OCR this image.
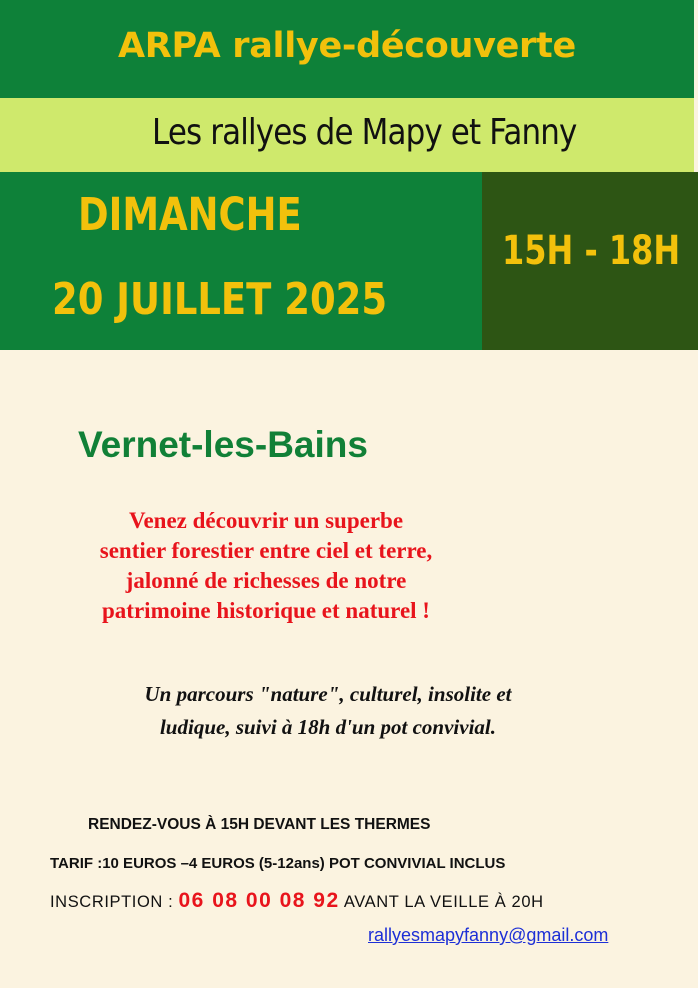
ARPA rallye-découverte
Les rallyes de Mapy et Fanny
DIMANCHE
20 JUILLET 2025
15H - 18H
Vernet-les-Bains
Venez découvrir un superbe
sentier forestier entre ciel et terre,
jalonné de richesses de notre
patrimoine historique et naturel !
Un parcours "nature", culturel, insolite et
ludique, suivi à 18h d'un pot convivial.
RENDEZ-VOUS À 15H DEVANT LES THERMES
TARIF :10 EUROS –4 EUROS (5-12ans) POT CONVIVIAL INCLUS
INSCRIPTION : 06 08 00 08 92 AVANT LA VEILLE À 20H
rallyesmapyfanny@gmail.com
